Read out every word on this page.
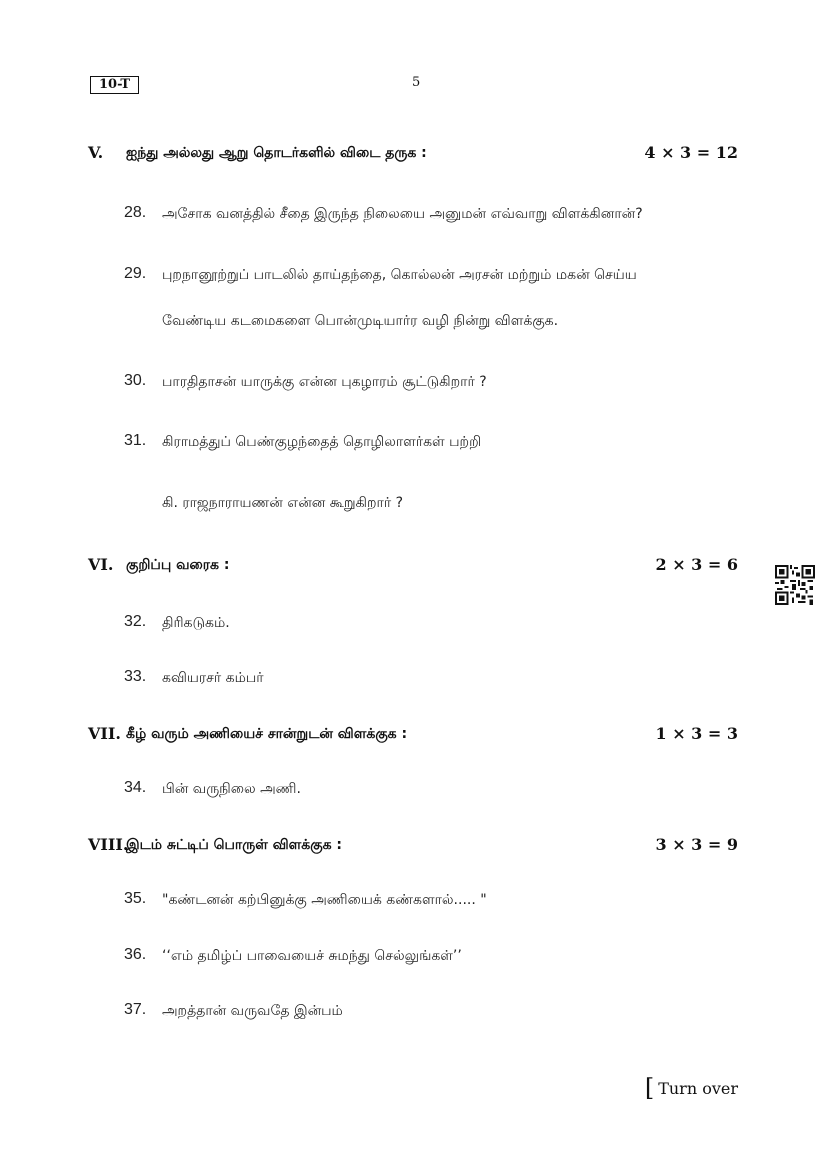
10-T	5
V. ஐந்து அல்லது ஆறு தொடர்களில் விடை தருக :	4 × 3 = 12
28. அசோக வனத்தில் சீதை இருந்த நிலையை அனுமன் எவ்வாறு விளக்கினான்?
29. புறநானூற்றுப் பாடலில் தாய்தந்தை, கொல்லன் அரசன் மற்றும் மகன் செய்ய
வேண்டிய கடமைகளை பொன்முடியார்ர வழி நின்று விளக்குக.
30. பாரதிதாசன் யாருக்கு என்ன புகழாரம் சூட்டுகிறார் ?
31. கிராமத்துப் பெண்குழந்தைத் தொழிலாளர்கள் பற்றி
கி. ராஜநாராயணன் என்ன கூறுகிறார் ?
VI. குறிப்பு வரைக :	2 × 3 = 6
32. திரிகடுகம்.
33. கவியரசர் கம்பர்
VII. கீழ் வரும் அணியைச் சான்றுடன் விளக்குக :	1 × 3 = 3
34. பின் வருநிலை அணி.
VIII.
இடம் சுட்டிப் பொருள் விளக்குக :	3 × 3 = 9
35. "கண்டனன் கற்பினுக்கு அணியைக் கண்களால்..... "
36. ‘‘எம் தமிழ்ப் பாவையைச் சுமந்து செல்லுங்கள்’’
37. அறத்தான் வருவதே இன்பம்
[ Turn over
